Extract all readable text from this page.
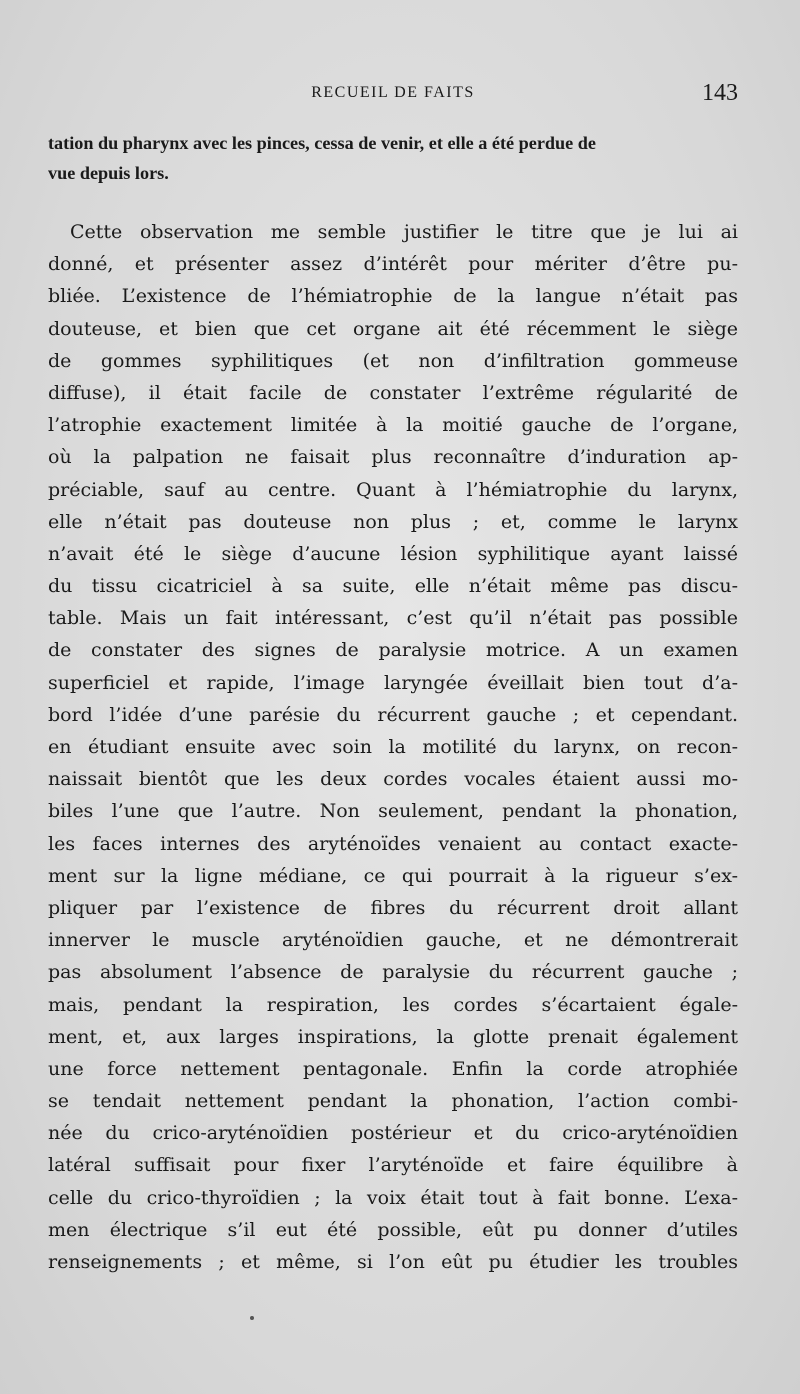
RECUEIL DE FAITS	143
tation du pharynx avec les pinces, cessa de venir, et elle a été perdue de
vue depuis lors.
Cette observation me semble justifier le titre que je lui ai
donné, et présenter assez d’intérêt pour mériter d’être pu-
bliée. L’existence de l’hémiatrophie de la langue n’était pas
douteuse, et bien que cet organe ait été récemment le siège
de gommes syphilitiques (et non d’infiltration gommeuse
diffuse), il était facile de constater l’extrême régularité de
l’atrophie exactement limitée à la moitié gauche de l’organe,
où la palpation ne faisait plus reconnaître d’induration ap-
préciable, sauf au centre. Quant à l’hémiatrophie du larynx,
elle n’était pas douteuse non plus ; et, comme le larynx
n’avait été le siège d’aucune lésion syphilitique ayant laissé
du tissu cicatriciel à sa suite, elle n’était même pas discu-
table. Mais un fait intéressant, c’est qu’il n’était pas possible
de constater des signes de paralysie motrice. A un examen
superficiel et rapide, l’image laryngée éveillait bien tout d’a-
bord l’idée d’une parésie du récurrent gauche ; et cependant.
en étudiant ensuite avec soin la motilité du larynx, on recon-
naissait bientôt que les deux cordes vocales étaient aussi mo-
biles l’une que l’autre. Non seulement, pendant la phonation,
les faces internes des aryténoïdes venaient au contact exacte-
ment sur la ligne médiane, ce qui pourrait à la rigueur s’ex-
pliquer par l’existence de fibres du récurrent droit allant
innerver le muscle aryténoïdien gauche, et ne démontrerait
pas absolument l’absence de paralysie du récurrent gauche ;
mais, pendant la respiration, les cordes s’écartaient égale-
ment, et, aux larges inspirations, la glotte prenait également
une force nettement pentagonale. Enfin la corde atrophiée
se tendait nettement pendant la phonation, l’action combi-
née du crico-aryténoïdien postérieur et du crico-aryténoïdien
latéral suffisait pour fixer l’aryténoïde et faire équilibre à
celle du crico-thyroïdien ; la voix était tout à fait bonne. L’exa-
men électrique s’il eut été possible, eût pu donner d’utiles
renseignements ; et même, si l’on eût pu étudier les troubles
